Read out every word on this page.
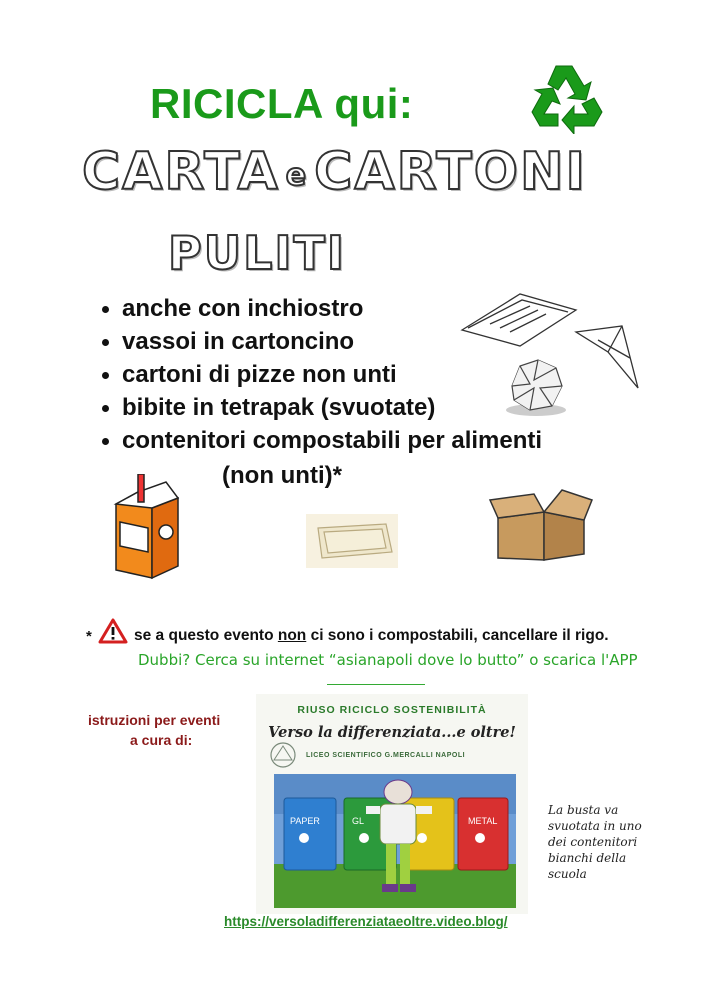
RICICLA qui:
CARTA e CARTONI
PULITI
anche con inchiostro
vassoi in cartoncino
cartoni di pizze non unti
bibite in tetrapak (svuotate)
contenitori compostabili per alimenti
(non unti)*
*	se a questo evento non ci sono i compostabili, cancellare il rigo.
Dubbi? Cerca su internet “asianapoli dove lo butto” o scarica l'APP
istruzioni per eventi
a cura di:
RIUSO RICICLO SOSTENIBILITÀ
Verso la differenziata...e oltre!
LICEO SCIENTIFICO G.MERCALLI NAPOLI
PAPER	GL	METAL
La busta va svuotata in uno dei contenitori bianchi della scuola
https://versoladifferenziataeoltre.video.blog/
